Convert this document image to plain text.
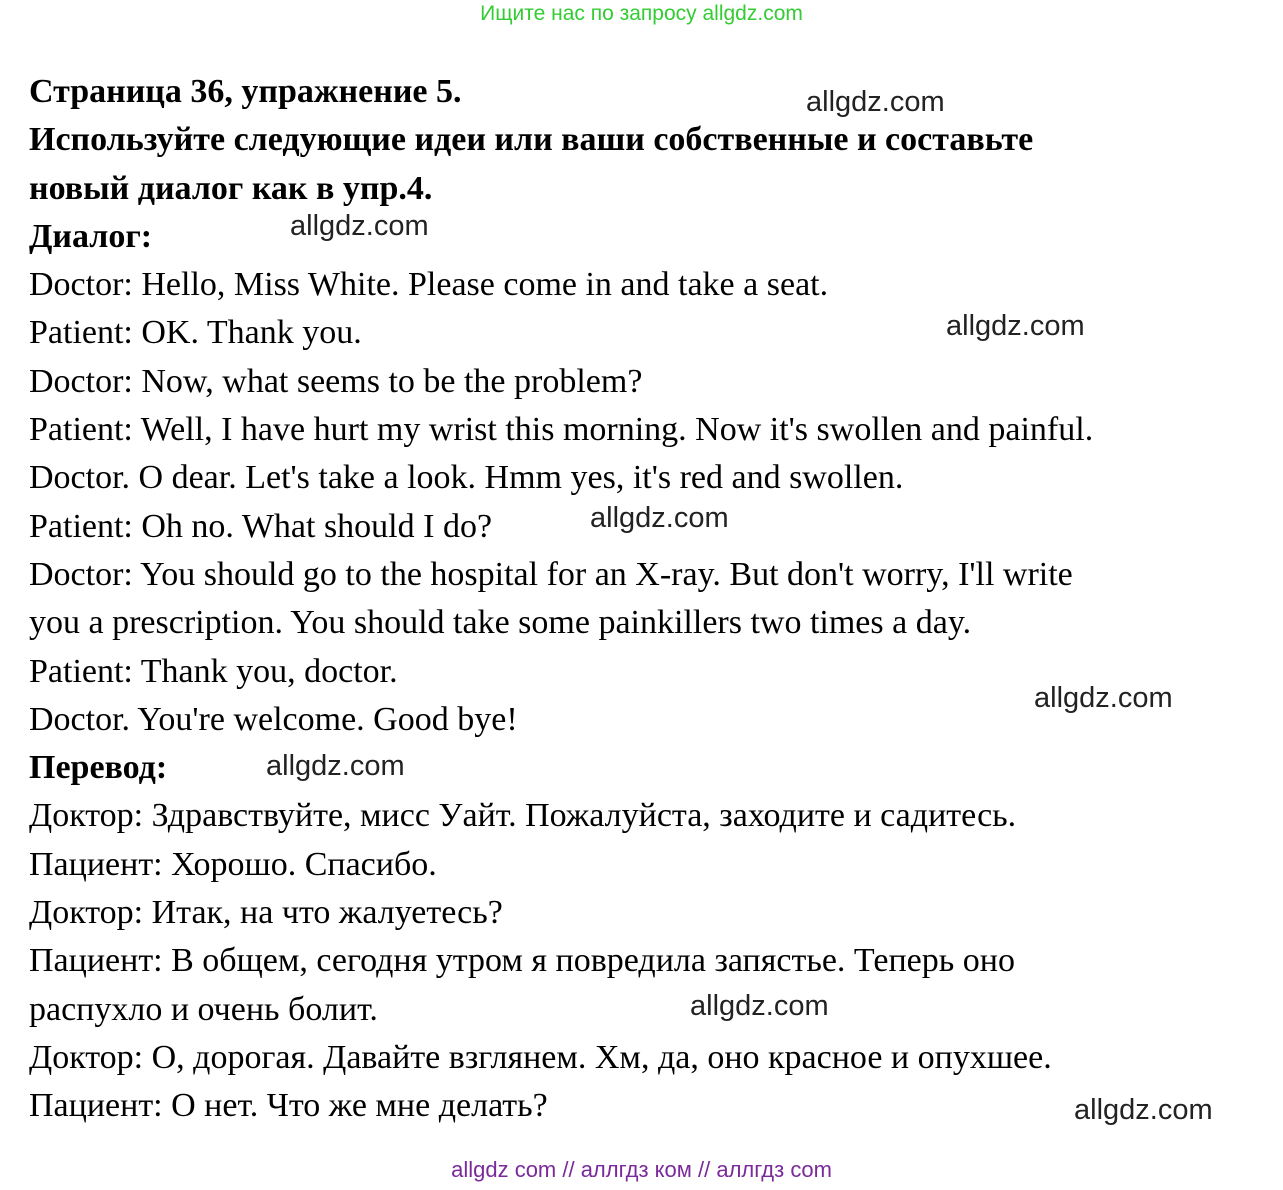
Ищите нас по запросу allgdz.com
Страница 36, упражнение 5.
Используйте следующие идеи или ваши собственные и составьте
новый диалог как в упр.4.
Диалог:
Doctor: Hello, Miss White. Please come in and take a seat.
Patient: OK. Thank you.
Doctor: Now, what seems to be the problem?
Patient: Well, I have hurt my wrist this morning. Now it's swollen and painful.
Doctor. O dear. Let's take a look. Hmm yes, it's red and swollen.
Patient: Oh no. What should I do?
Doctor: You should go to the hospital for an X-ray. But don't worry, I'll write
you a prescription. You should take some painkillers two times a day.
Patient: Thank you, doctor.
Doctor. You're welcome. Good bye!
Перевод:
Доктор: Здравствуйте, мисс Уайт. Пожалуйста, заходите и садитесь.
Пациент: Хорошо. Спасибо.
Доктор: Итак, на что жалуетесь?
Пациент: В общем, сегодня утром я повредила запястье. Теперь оно
распухло и очень болит.
Доктор: О, дорогая. Давайте взглянем. Хм, да, оно красное и опухшее.
Пациент: О нет. Что же мне делать?
allgdz.com
allgdz.com
allgdz.com
allgdz.com
allgdz.com
allgdz.com
allgdz.com
allgdz.com
allgdz com // аллгдз ком // аллгдз com
